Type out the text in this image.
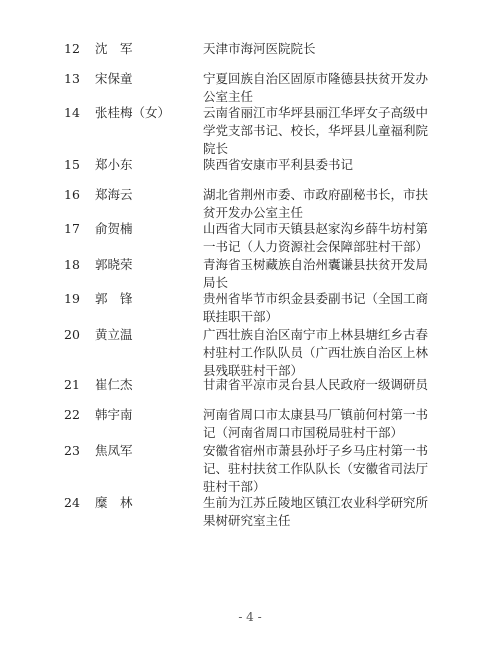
12 沈　军	天津市海河医院院长
13 宋保童	宁夏回族自治区固原市隆德县扶贫开发办
公室主任
14 张桂梅（女）	云南省丽江市华坪县丽江华坪女子高级中
学党支部书记、校长，华坪县儿童福利院
院长
15 郑小东	陕西省安康市平利县委书记
16 郑海云	湖北省荆州市委、市政府副秘书长，市扶
贫开发办公室主任
17 俞贺楠	山西省大同市天镇县赵家沟乡薛牛坊村第
一书记（人力资源社会保障部驻村干部）
18 郭晓荣	青海省玉树藏族自治州囊谦县扶贫开发局
局长
19 郭　锋	贵州省毕节市织金县委副书记（全国工商
联挂职干部）
20 黄立温	广西壮族自治区南宁市上林县塘红乡古春
村驻村工作队队员（广西壮族自治区上林
县残联驻村干部）
21 崔仁杰	甘肃省平凉市灵台县人民政府一级调研员
22 韩宇南	河南省周口市太康县马厂镇前何村第一书
记（河南省周口市国税局驻村干部）
23 焦凤军	安徽省宿州市萧县孙圩子乡马庄村第一书
记、驻村扶贫工作队队长（安徽省司法厅
驻村干部）
24 糜　林	生前为江苏丘陵地区镇江农业科学研究所
果树研究室主任
- 4 -
